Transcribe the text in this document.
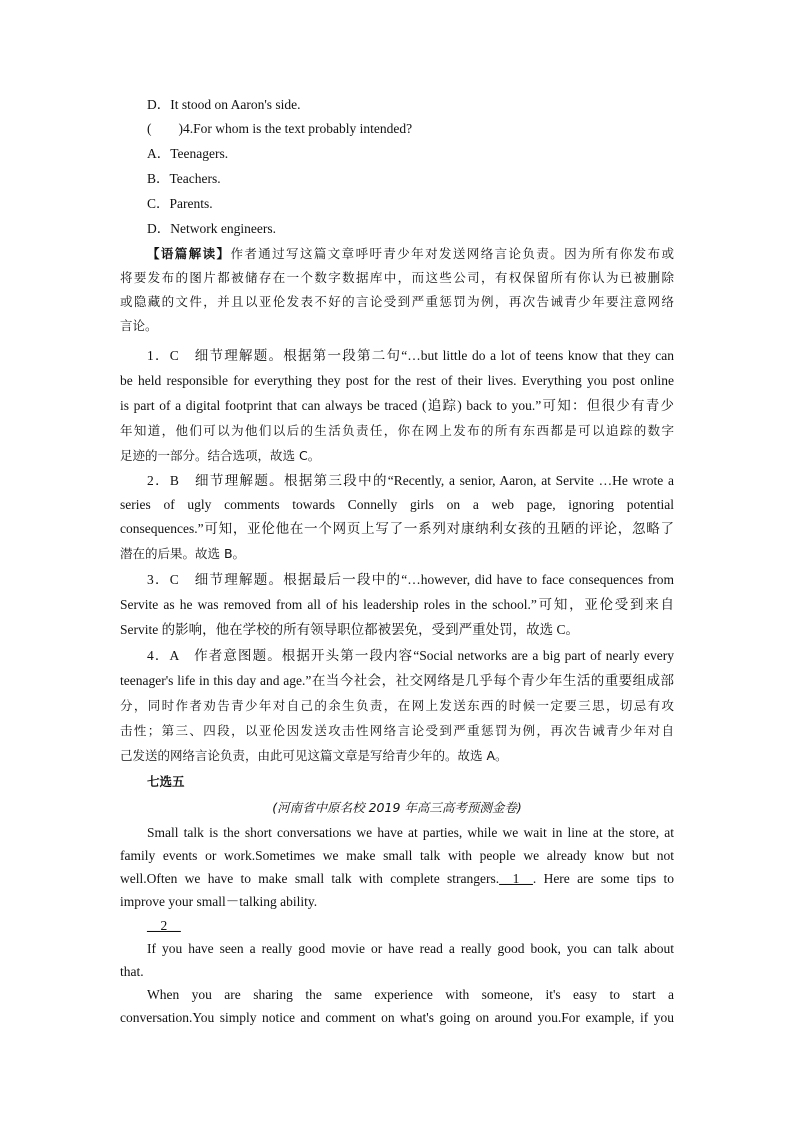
D．It stood on Aaron's side.
(　　)4.For whom is the text probably intended?
A．Teenagers.
B．Teachers.
C．Parents.
D．Network engineers.
【语篇解读】作者通过写这篇文章呼吁青少年对发送网络言论负责。因为所有你发布或
将要发布的图片都被储存在一个数字数据库中，而这些公司，有权保留所有你认为已被删除
或隐藏的文件，并且以亚伦发表不好的言论受到严重惩罚为例，再次告诫青少年要注意网络
言论。
1．C　细节理解题。根据第一段第二句“…but little do a lot of teens know that they can
be held responsible for everything they post for the rest of their lives. Everything you post online
is part of a digital footprint that can always be traced (追踪) back to you.”可知：但很少有青少
年知道，他们可以为他们以后的生活负责任，你在网上发布的所有东西都是可以追踪的数字
足迹的一部分。结合选项，故选 C。
2．B　细节理解题。根据第三段中的“Recently, a senior, Aaron, at Servite …He wrote a
series of ugly comments towards Connelly girls on a web page, ignoring potential
consequences.”可知，亚伦他在一个网页上写了一系列对康纳利女孩的丑陋的评论，忽略了
潜在的后果。故选 B。
3．C　细节理解题。根据最后一段中的“…however, did have to face consequences from
Servite as he was removed from all of his leadership roles in the school.”可知，亚伦受到来自
Servite 的影响，他在学校的所有领导职位都被罢免，受到严重处罚，故选 C。
4．A　作者意图题。根据开头第一段内容“Social networks are a big part of nearly every
teenager's life in this day and age.”在当今社会，社交网络是几乎每个青少年生活的重要组成部
分，同时作者劝告青少年对自己的余生负责，在网上发送东西的时候一定要三思，切忌有攻
击性；第三、四段，以亚伦因发送攻击性网络言论受到严重惩罚为例，再次告诫青少年对自
己发送的网络言论负责，由此可见这篇文章是写给青少年的。故选 A。
七选五
(河南省中原名校 2019 年高三高考预测金卷)
Small talk is the short conversations we have at parties, while we wait in line at the store, at
family events or work.Sometimes we make small talk with people we already know but not
well.Often we have to make small talk with complete strangers.__1__. Here are some tips to
improve your small－talking ability.
__2__
If you have seen a really good movie or have read a really good book, you can talk about
that.
When you are sharing the same experience with someone, it's easy to start a
conversation.You simply notice and comment on what's going on around you.For example, if you
